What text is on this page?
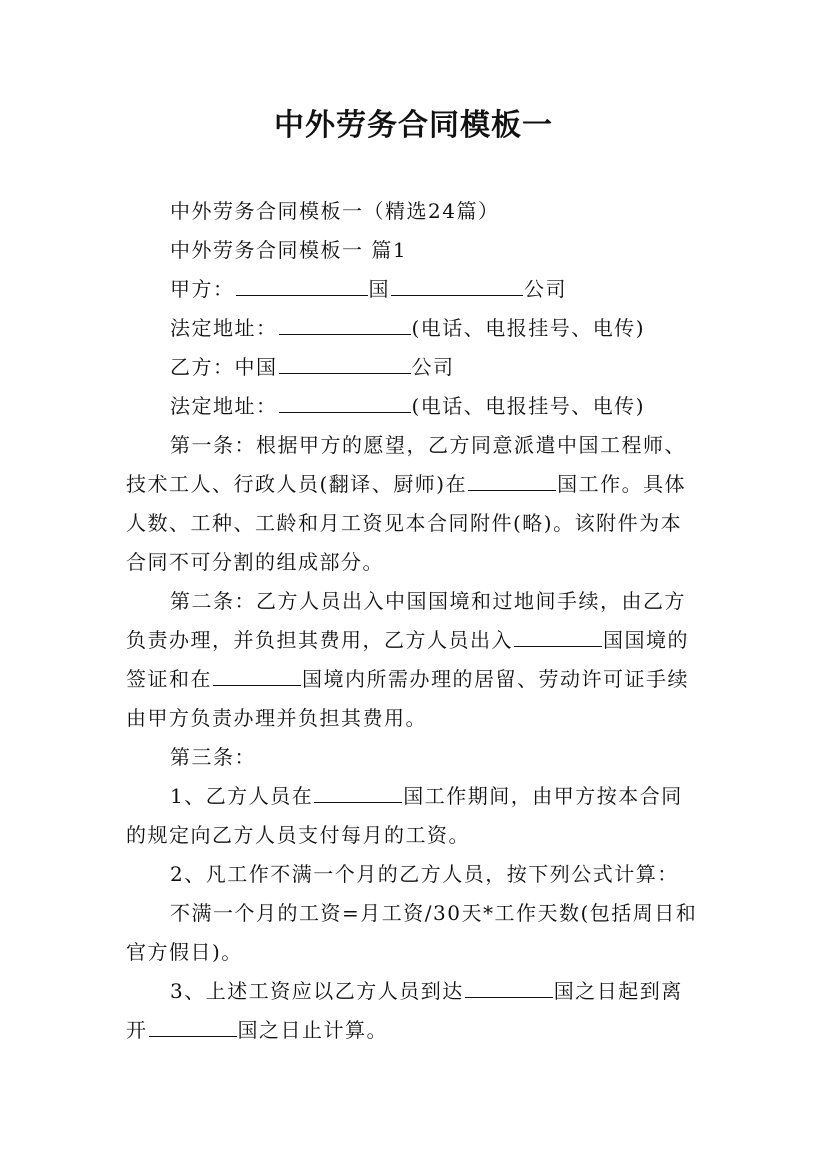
中外劳务合同模板一
中外劳务合同模板一（精选24篇）
中外劳务合同模板一 篇1
甲方：	国	公司
法定地址：	(电话、电报挂号、电传)
乙方：中国	公司
法定地址：	(电话、电报挂号、电传)
第一条：根据甲方的愿望，乙方同意派遣中国工程师、
技术工人、行政人员(翻译、厨师)在	国工作。具体
人数、工种、工龄和月工资见本合同附件(略)。该附件为本
合同不可分割的组成部分。
第二条：乙方人员出入中国国境和过地间手续，由乙方
负责办理，并负担其费用，乙方人员出入	国国境的
签证和在	国境内所需办理的居留、劳动许可证手续
由甲方负责办理并负担其费用。
第三条：
1、乙方人员在	国工作期间，由甲方按本合同
的规定向乙方人员支付每月的工资。
2、凡工作不满一个月的乙方人员，按下列公式计算：
不满一个月的工资=月工资/30天*工作天数(包括周日和
官方假日)。
3、上述工资应以乙方人员到达	国之日起到离
开	国之日止计算。
